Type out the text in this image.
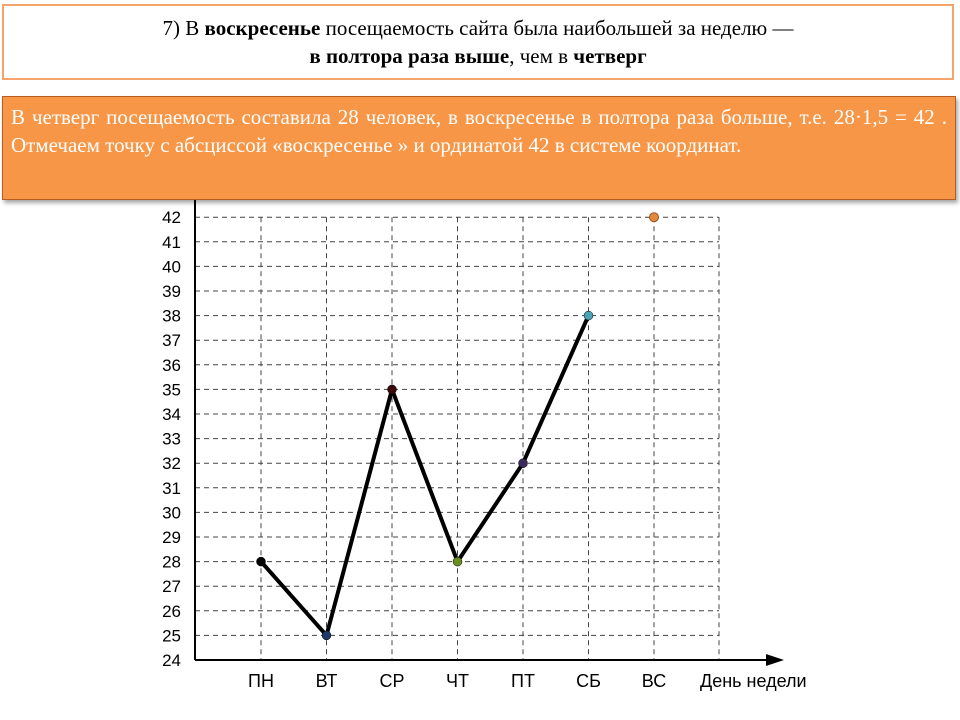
24
25
26
27
28
29
30
31
32
33
34
35
36
37
38
39
40
41
42
ПН ВТ СР ЧТ ПТ СБ ВС День недели
7) В воскресенье посещаемость сайта была наибольшей за неделю —
в полтора раза выше, чем в четверг
В четверг посещаемость составила 28 человек, в воскресенье в полтора раза больше, т.е. 28·1,5 = 42 . Отмечаем точку с абсциссой «воскресенье » и ординатой 42 в системе координат.
